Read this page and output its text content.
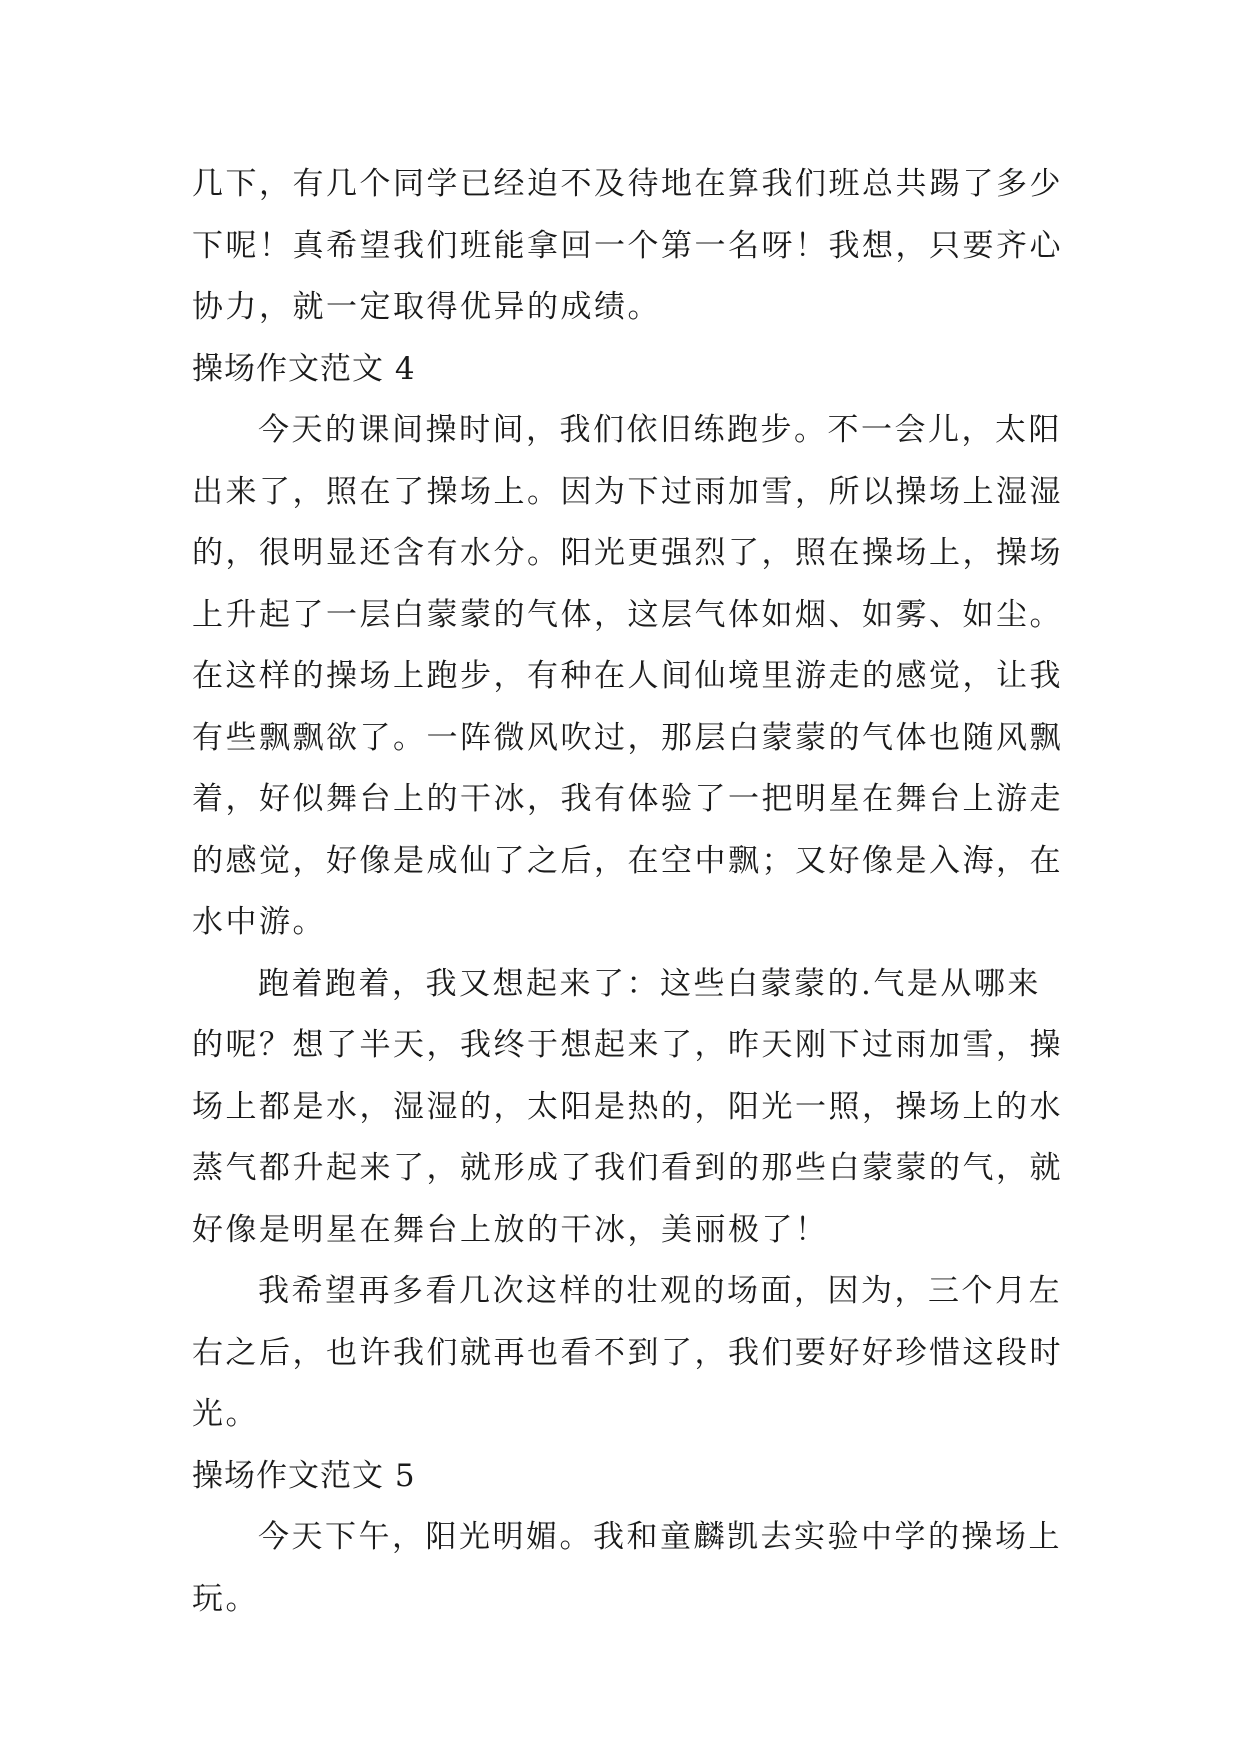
几下，有几个同学已经迫不及待地在算我们班总共踢了多少
下呢！真希望我们班能拿回一个第一名呀！我想，只要齐心
协力，就一定取得优异的成绩。
操场作文范文 4
今天的课间操时间，我们依旧练跑步。不一会儿，太阳
出来了，照在了操场上。因为下过雨加雪，所以操场上湿湿
的，很明显还含有水分。阳光更强烈了，照在操场上，操场
上升起了一层白蒙蒙的气体，这层气体如烟、如雾、如尘。
在这样的操场上跑步，有种在人间仙境里游走的感觉，让我
有些飘飘欲了。一阵微风吹过，那层白蒙蒙的气体也随风飘
着，好似舞台上的干冰，我有体验了一把明星在舞台上游走
的感觉，好像是成仙了之后，在空中飘；又好像是入海，在
水中游。
跑着跑着，我又想起来了：这些白蒙蒙的.气是从哪来
的呢？想了半天，我终于想起来了，昨天刚下过雨加雪，操
场上都是水，湿湿的，太阳是热的，阳光一照，操场上的水
蒸气都升起来了，就形成了我们看到的那些白蒙蒙的气，就
好像是明星在舞台上放的干冰，美丽极了！
我希望再多看几次这样的壮观的场面，因为，三个月左
右之后，也许我们就再也看不到了，我们要好好珍惜这段时
光。
操场作文范文 5
今天下午，阳光明媚。我和童麟凯去实验中学的操场上
玩。
